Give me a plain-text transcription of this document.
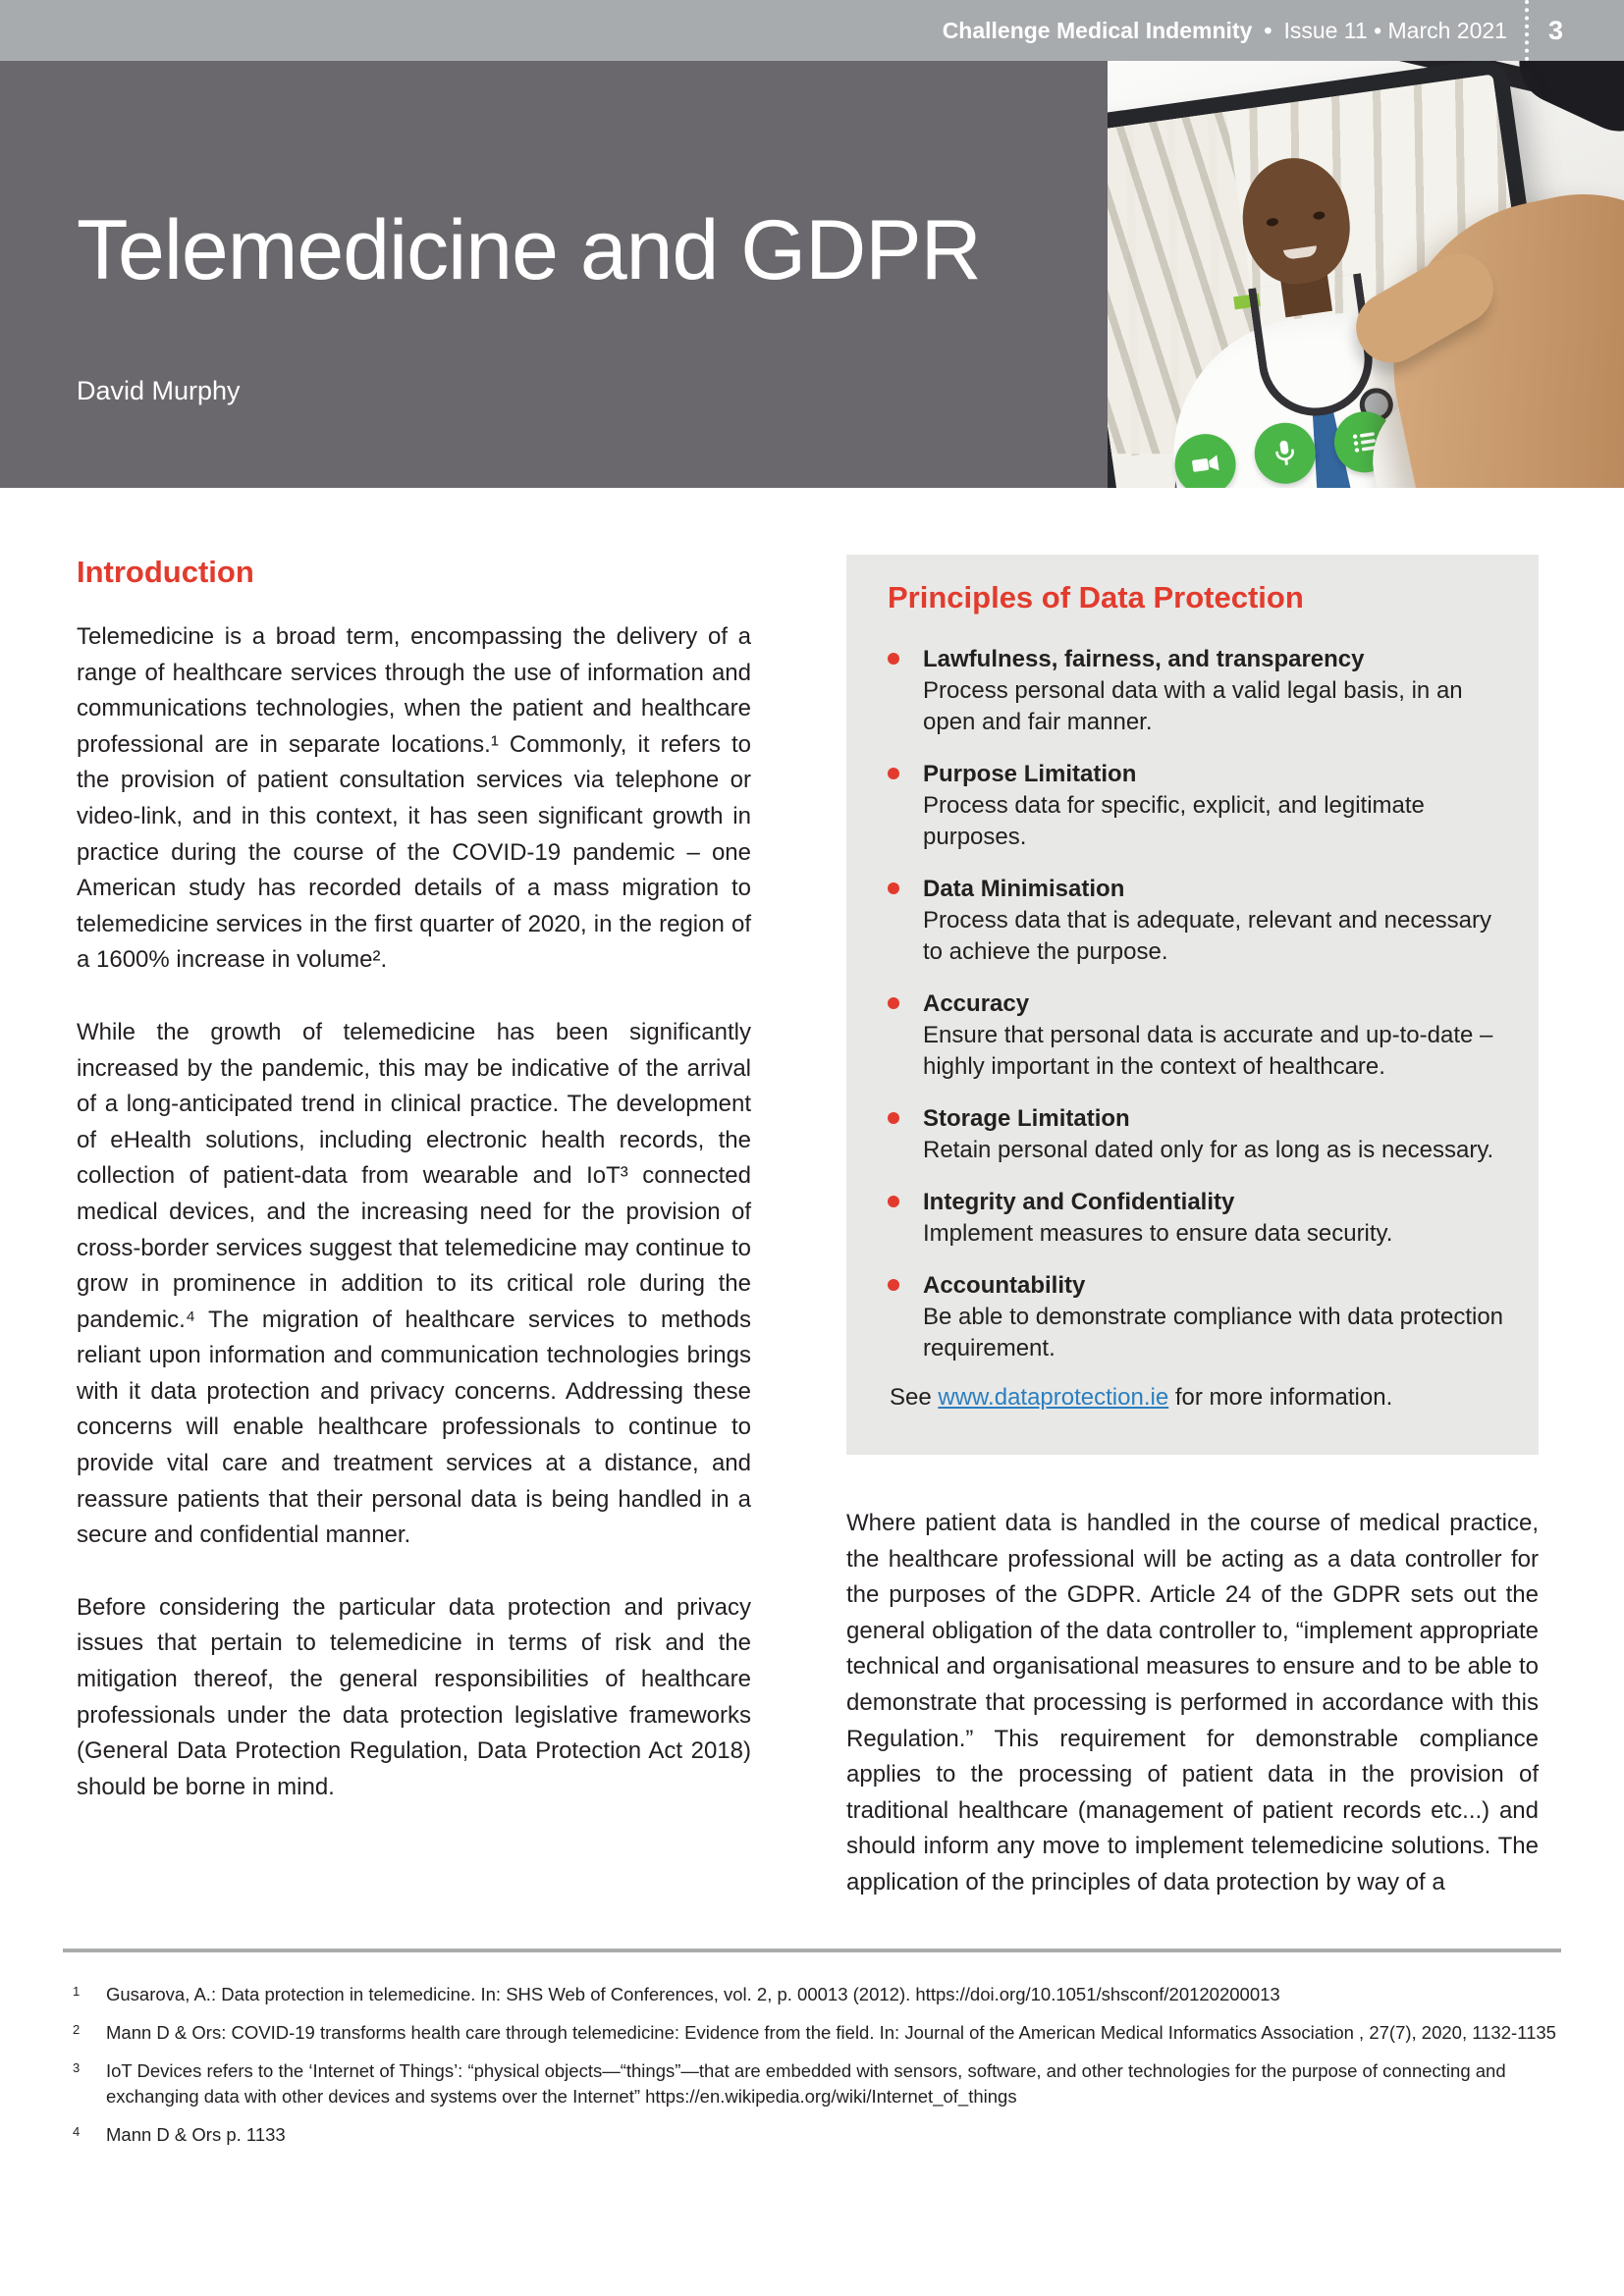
Challenge Medical Indemnity • Issue 11 • March 2021 3
Telemedicine and GDPR
David Murphy
Introduction

Telemedicine is a broad term, encompassing the delivery of a range of healthcare services through the use of information and communications technologies, when the patient and healthcare professional are in separate locations.¹ Commonly, it refers to the provision of patient consultation services via telephone or video-link, and in this context, it has seen significant growth in practice during the course of the COVID-19 pandemic – one American study has recorded details of a mass migration to telemedicine services in the first quarter of 2020, in the region of a 1600% increase in volume².

While the growth of telemedicine has been significantly increased by the pandemic, this may be indicative of the arrival of a long-anticipated trend in clinical practice. The development of eHealth solutions, including electronic health records, the collection of patient-data from wearable and IoT³ connected medical devices, and the increasing need for the provision of cross-border services suggest that telemedicine may continue to grow in prominence in addition to its critical role during the pandemic.⁴ The migration of healthcare services to methods reliant upon information and communication technologies brings with it data protection and privacy concerns. Addressing these concerns will enable healthcare professionals to continue to provide vital care and treatment services at a distance, and reassure patients that their personal data is being handled in a secure and confidential manner.

Before considering the particular data protection and privacy issues that pertain to telemedicine in terms of risk and the mitigation thereof, the general responsibilities of healthcare professionals under the data protection legislative frameworks (General Data Protection Regulation, Data Protection Act 2018) should be borne in mind.

Principles of Data Protection
Lawfulness, fairness, and transparency
Process personal data with a valid legal basis, in an open and fair manner.
Purpose Limitation
Process data for specific, explicit, and legitimate purposes.
Data Minimisation
Process data that is adequate, relevant and necessary to achieve the purpose.
Accuracy
Ensure that personal data is accurate and up-to-date – highly important in the context of healthcare.
Storage Limitation
Retain personal dated only for as long as is necessary.
Integrity and Confidentiality
Implement measures to ensure data security.
Accountability
Be able to demonstrate compliance with data protection requirement.

See www.dataprotection.ie for more information.

Where patient data is handled in the course of medical practice, the healthcare professional will be acting as a data controller for the purposes of the GDPR. Article 24 of the GDPR sets out the general obligation of the data controller to, “implement appropriate technical and organisational measures to ensure and to be able to demonstrate that processing is performed in accordance with this Regulation.” This requirement for demonstrable compliance applies to the processing of patient data in the provision of traditional healthcare (management of patient records etc...) and should inform any move to implement telemedicine solutions. The application of the principles of data protection by way of a

1	Gusarova, A.: Data protection in telemedicine. In: SHS Web of Conferences, vol. 2, p. 00013 (2012). https://doi.org/10.1051/shsconf/20120200013
2	Mann D & Ors: COVID-19 transforms health care through telemedicine: Evidence from the field. In: Journal of the American Medical Informatics Association , 27(7), 2020, 1132-1135
3	IoT Devices refers to the ‘Internet of Things’: “physical objects—“things”—that are embedded with sensors, software, and other technologies for the purpose of connecting and exchanging data with other devices and systems over the Internet” https://en.wikipedia.org/wiki/Internet_of_things
4	Mann D & Ors p. 1133
